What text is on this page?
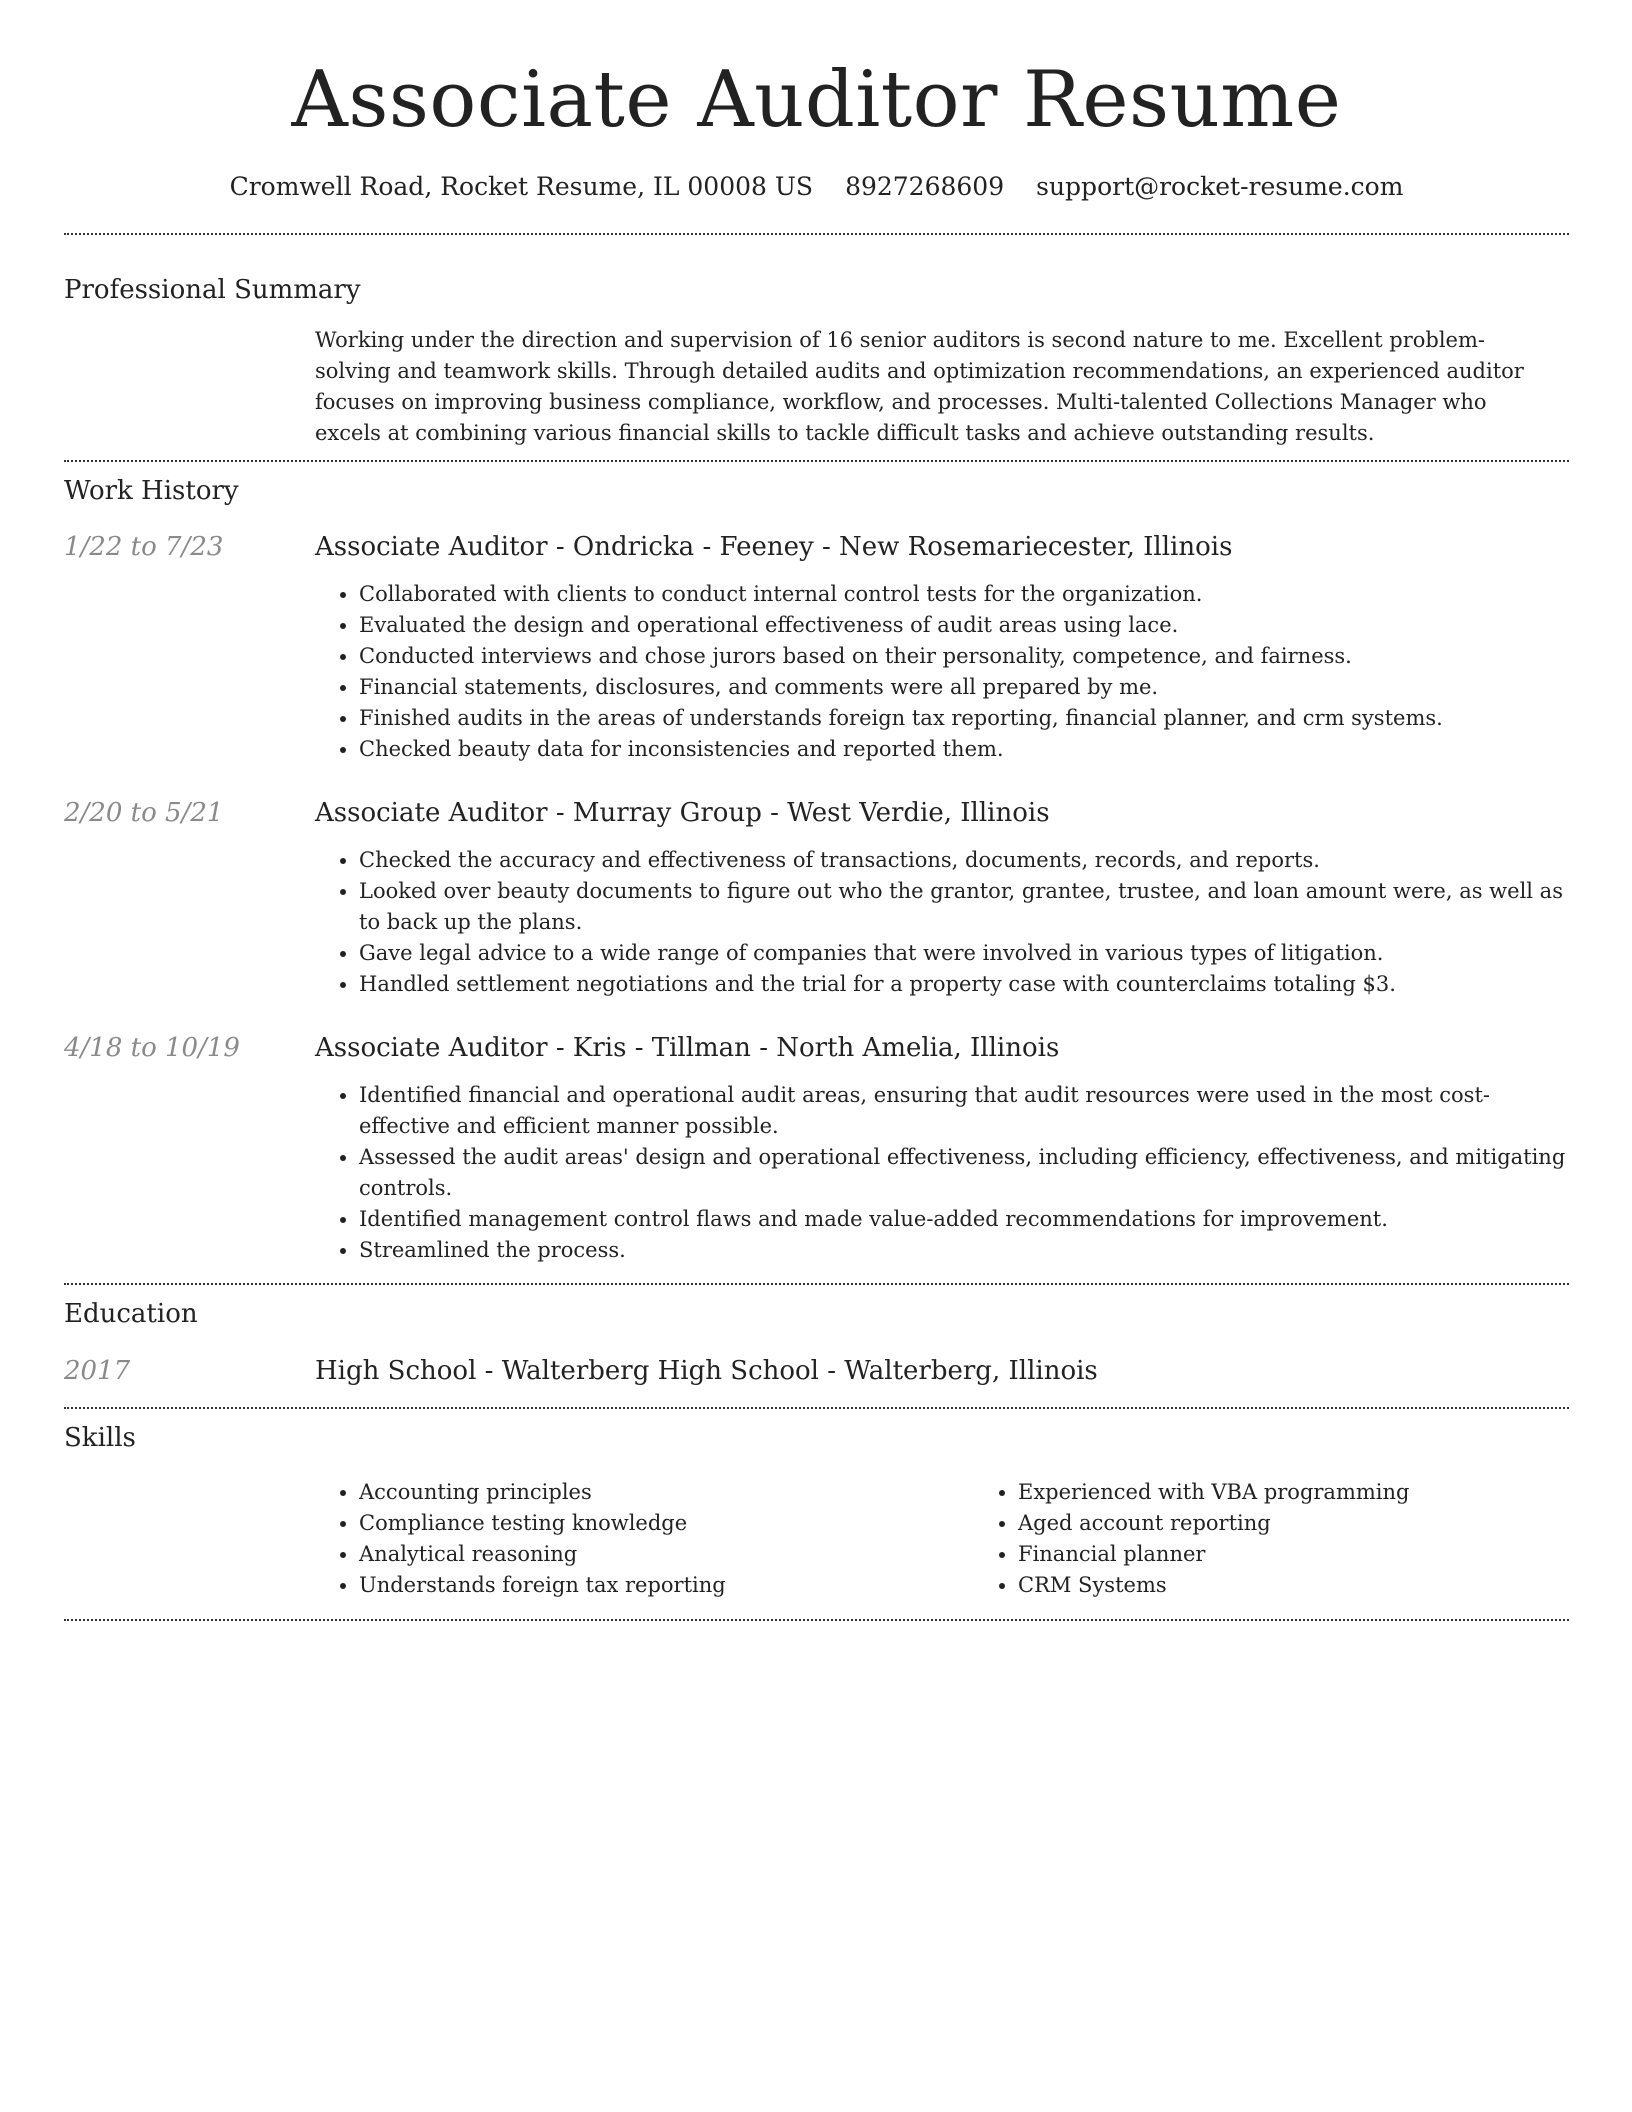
Associate Auditor Resume
Cromwell Road, Rocket Resume, IL 00008 US 8927268609 support@rocket-resume.com
Professional Summary
Working under the direction and supervision of 16 senior auditors is second nature to me. Excellent problem-solving and teamwork skills. Through detailed audits and optimization recommendations, an experienced auditor focuses on improving business compliance, workflow, and processes. Multi-talented Collections Manager who excels at combining various financial skills to tackle difficult tasks and achieve outstanding results.
Work History
1/22 to 7/23	Associate Auditor - Ondricka - Feeney - New Rosemariecester, Illinois
• Collaborated with clients to conduct internal control tests for the organization.
• Evaluated the design and operational effectiveness of audit areas using lace.
• Conducted interviews and chose jurors based on their personality, competence, and fairness.
• Financial statements, disclosures, and comments were all prepared by me.
• Finished audits in the areas of understands foreign tax reporting, financial planner, and crm systems.
• Checked beauty data for inconsistencies and reported them.
2/20 to 5/21	Associate Auditor - Murray Group - West Verdie, Illinois
• Checked the accuracy and effectiveness of transactions, documents, records, and reports.
• Looked over beauty documents to figure out who the grantor, grantee, trustee, and loan amount were, as well as to back up the plans.
• Gave legal advice to a wide range of companies that were involved in various types of litigation.
• Handled settlement negotiations and the trial for a property case with counterclaims totaling $3.
4/18 to 10/19	Associate Auditor - Kris - Tillman - North Amelia, Illinois
• Identified financial and operational audit areas, ensuring that audit resources were used in the most cost-effective and efficient manner possible.
• Assessed the audit areas' design and operational effectiveness, including efficiency, effectiveness, and mitigating controls.
• Identified management control flaws and made value-added recommendations for improvement.
• Streamlined the process.
Education
2017	High School - Walterberg High School - Walterberg, Illinois
Skills
• Accounting principles
• Compliance testing knowledge
• Analytical reasoning
• Understands foreign tax reporting
• Experienced with VBA programming
• Aged account reporting
• Financial planner
• CRM Systems
